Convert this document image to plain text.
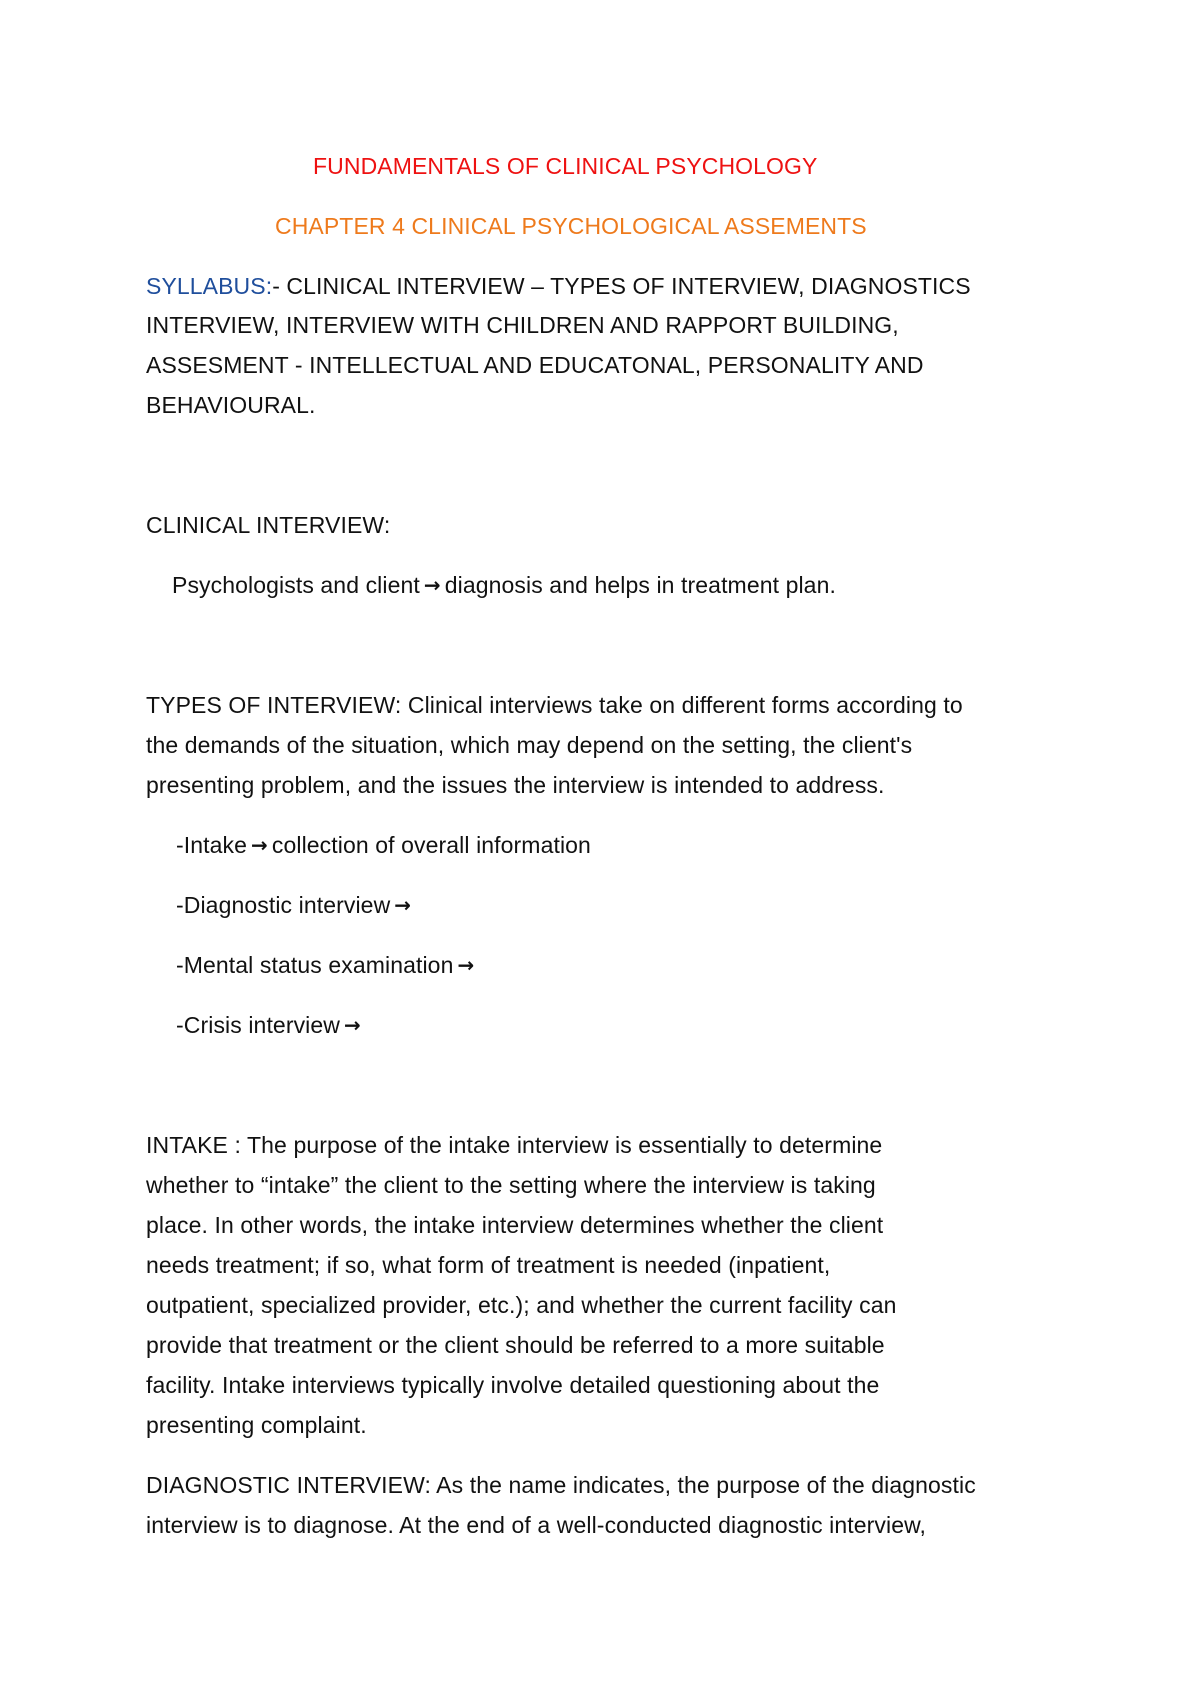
FUNDAMENTALS OF CLINICAL PSYCHOLOGY
CHAPTER 4 CLINICAL PSYCHOLOGICAL ASSEMENTS
SYLLABUS:- CLINICAL INTERVIEW – TYPES OF INTERVIEW, DIAGNOSTICS
INTERVIEW, INTERVIEW WITH CHILDREN AND RAPPORT BUILDING,
ASSESMENT - INTELLECTUAL AND EDUCATONAL, PERSONALITY AND
BEHAVIOURAL.
CLINICAL INTERVIEW:
Psychologists and client → diagnosis and helps in treatment plan.
TYPES OF INTERVIEW: Clinical interviews take on different forms according to
the demands of the situation, which may depend on the setting, the client's
presenting problem, and the issues the interview is intended to address.
-Intake → collection of overall information
-Diagnostic interview →
-Mental status examination →
-Crisis interview →
INTAKE : The purpose of the intake interview is essentially to determine
whether to “intake” the client to the setting where the interview is taking
place. In other words, the intake interview determines whether the client
needs treatment; if so, what form of treatment is needed (inpatient,
outpatient, specialized provider, etc.); and whether the current facility can
provide that treatment or the client should be referred to a more suitable
facility. Intake interviews typically involve detailed questioning about the
presenting complaint.
DIAGNOSTIC INTERVIEW: As the name indicates, the purpose of the diagnostic
interview is to diagnose. At the end of a well-conducted diagnostic interview,
